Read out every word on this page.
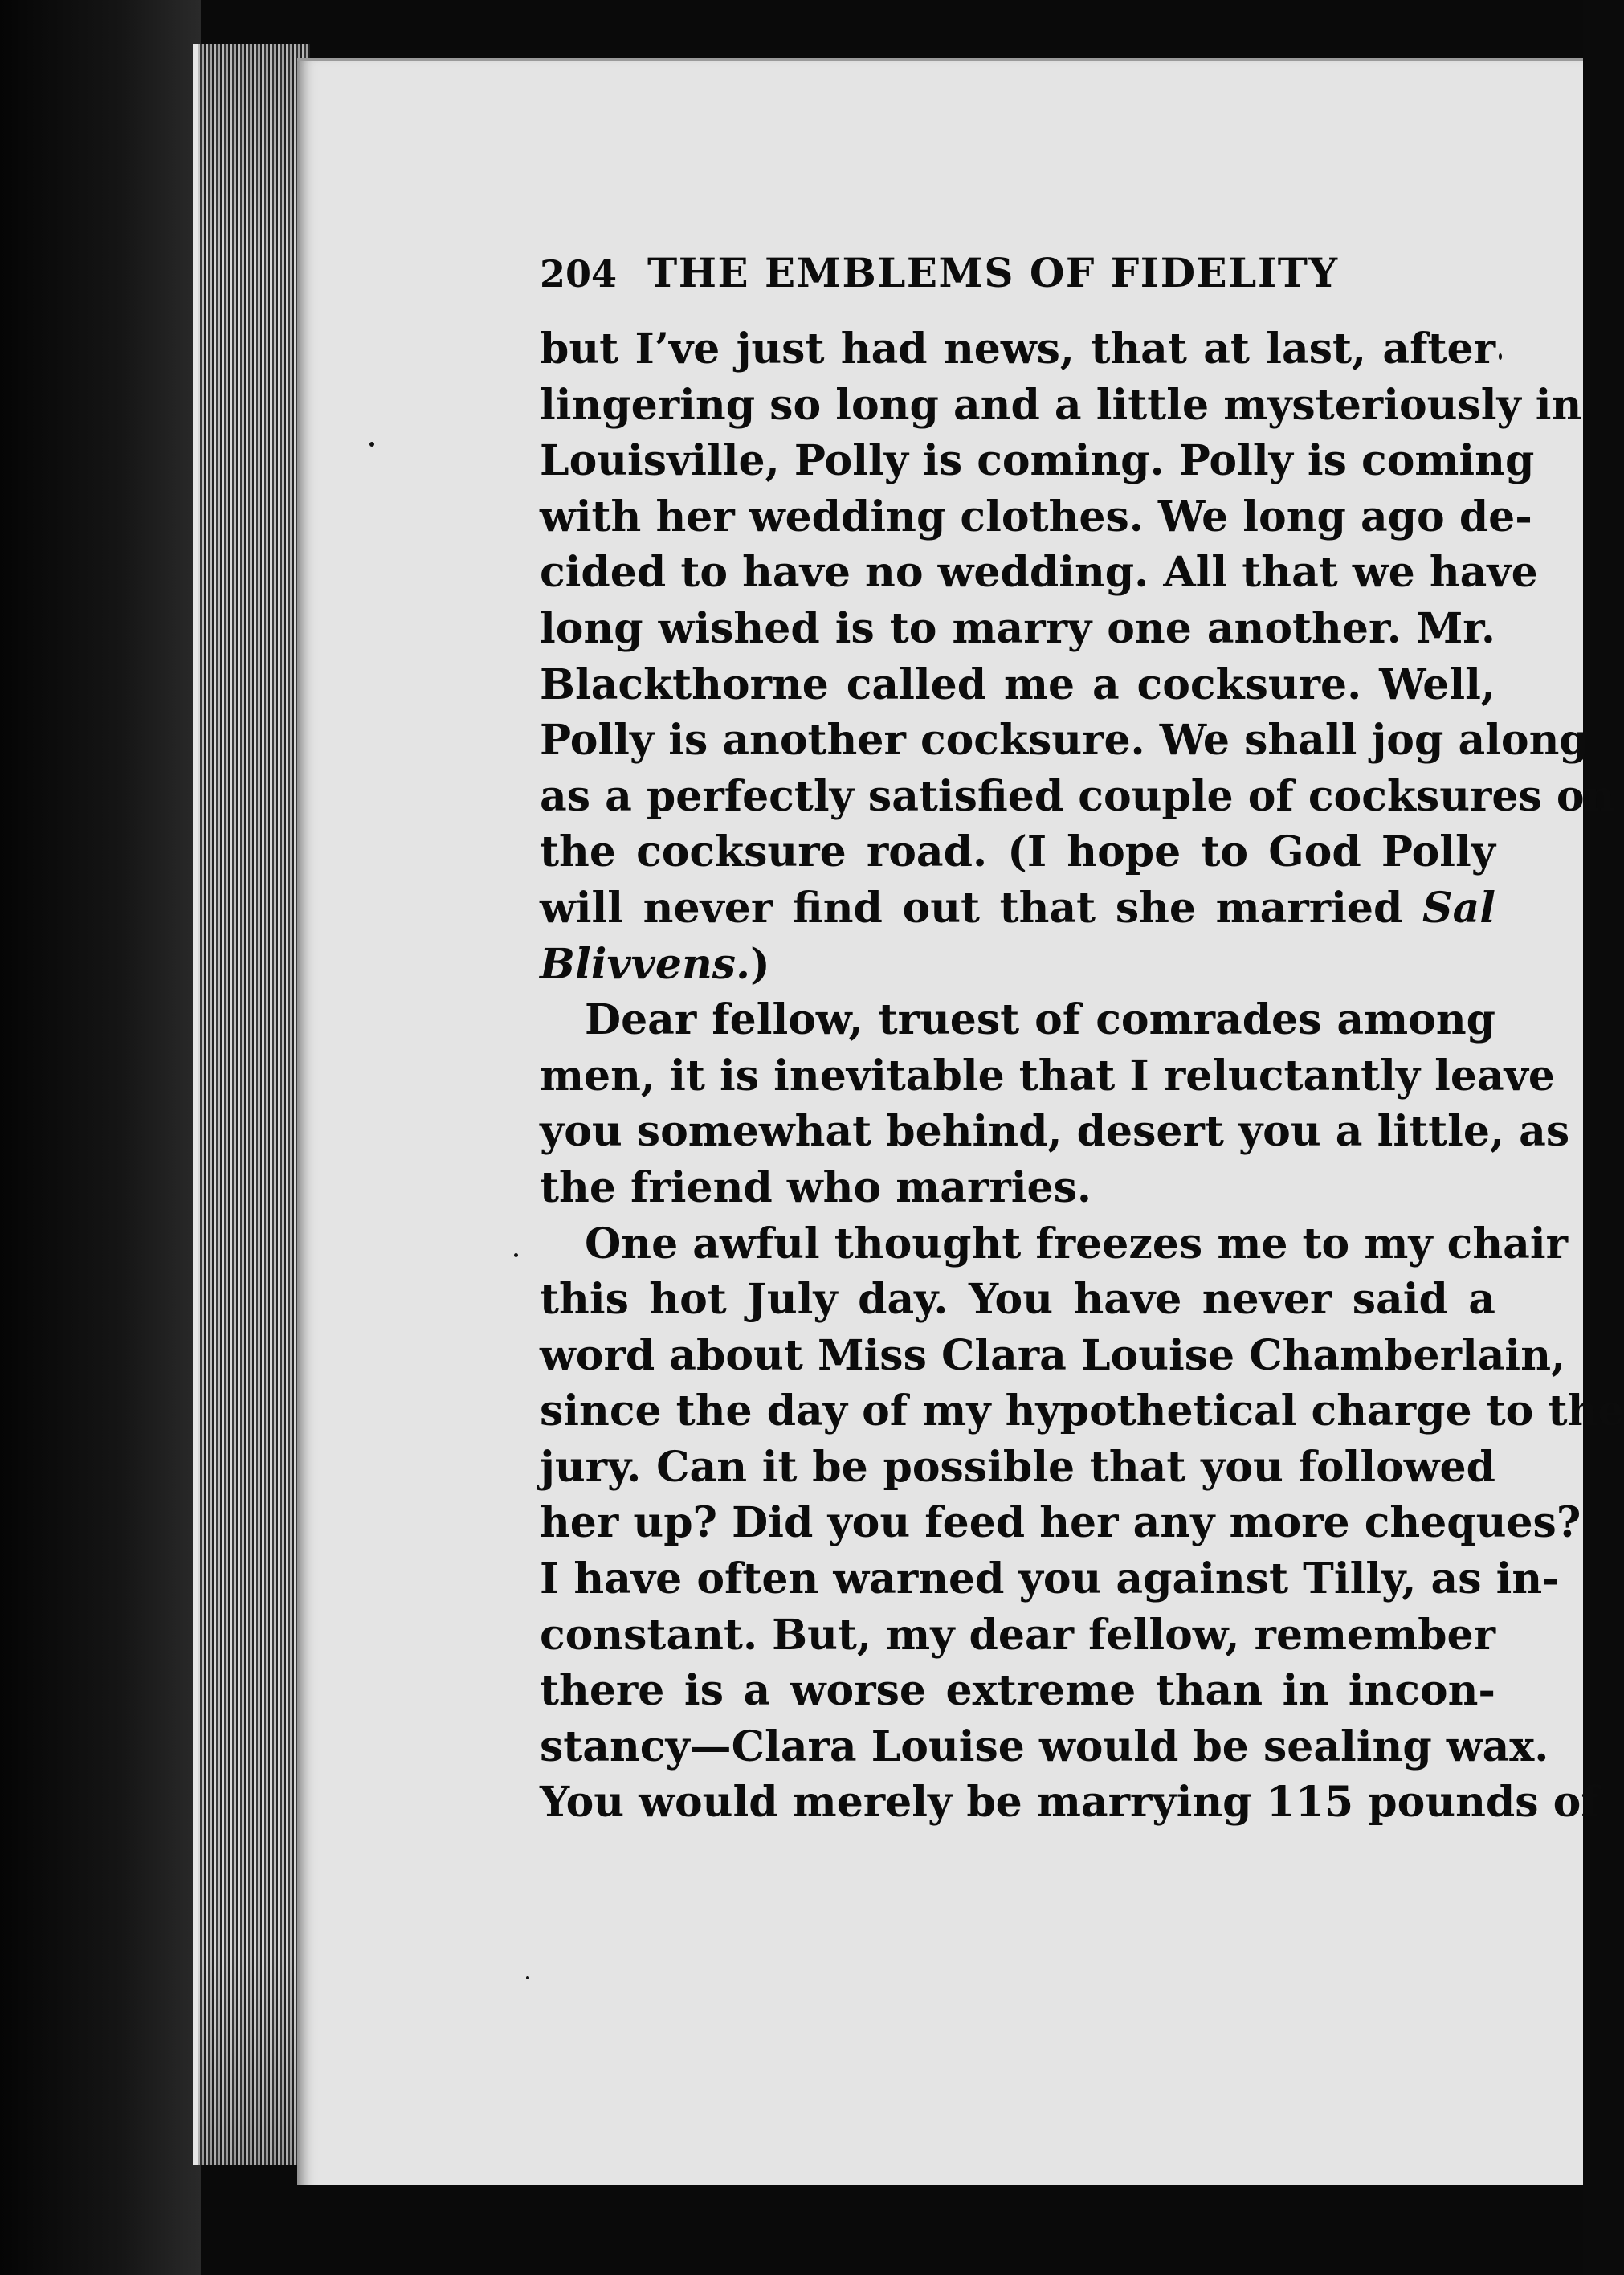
204 THE EMBLEMS OF FIDELITY
but I’ve just had news, that at last, after
lingering so long and a little mysteriously in
Louisville, Polly is coming. Polly is coming
with her wedding clothes. We long ago de-
cided to have no wedding. All that we have
long wished is to marry one another. Mr.
Blackthorne called me a cocksure. Well,
Polly is another cocksure. We shall jog along
as a perfectly satisfied couple of cocksures on
the cocksure road. (I hope to God Polly
will never find out that she married Sal
Blivvens.)
Dear fellow, truest of comrades among
men, it is inevitable that I reluctantly leave
you somewhat behind, desert you a little, as
the friend who marries.
One awful thought freezes me to my chair
this hot July day. You have never said a
word about Miss Clara Louise Chamberlain,
since the day of my hypothetical charge to the
jury. Can it be possible that you followed
her up? Did you feed her any more cheques?
I have often warned you against Tilly, as in-
constant. But, my dear fellow, remember
there is a worse extreme than in incon-
stancy—Clara Louise would be sealing wax.
You would merely be marrying 115 pounds of
